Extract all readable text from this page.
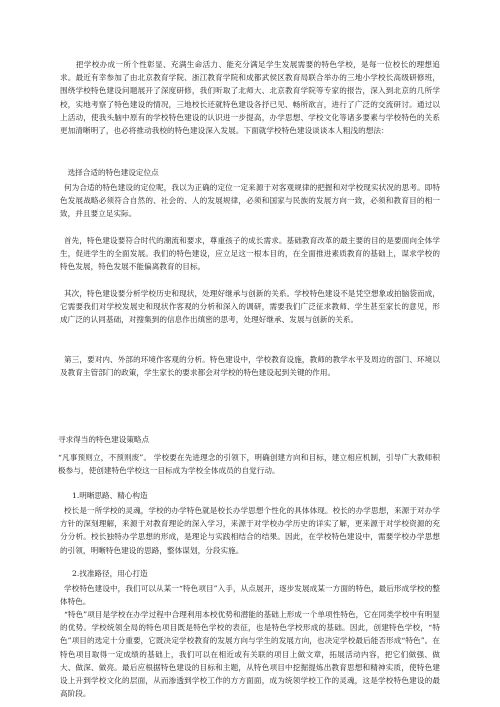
　　把学校办成一所个性彰显、充满生命活力、能充分满足学生发展需要的特色学校，是每一位校长的理想追求。最近有幸参加了由北京教育学院、浙江教育学院和成都武侯区教育局联合举办的三地小学校长高级研修班，围绕学校特色建设问题展开了深度研修，我们听取了北师大、北京教育学院等专家的报告，深入到北京的几所学校，实地考察了特色建设的情况，三地校长还就特色建设各抒已见、畅所欲言，进行了广泛的交流研讨。通过以上活动，使我头脑中原有的学校特色建设的认识进一步提高，办学思想、学校文化等诸多要素与学校特色的关系更加清晰明了，也必将推动我校的特色建设深入发展。下面就学校特色建设谈谈本人粗浅的想法：

　选择合适的特色建设定位点

何为合适的特色建设的定位呢，我以为正确的定位一定来源于对客观规律的把握和对学校现实状况的思考。即特色发展战略必须符合自然的、社会的、人的发展规律，必须和国家与民族的发展方向一致，必须和教育目的相一致，并且要立足实际。

首先，特色建设要符合时代的潮流和要求，尊重孩子的成长需求。基础教育改革的最主要的目的是要面向全体学生，促进学生的全面发展。我们的特色建设，应立足这一根本目的，在全面推进素质教育的基础上，谋求学校的特色发展，特色发展不能偏离教育的目标。

其次，特色建设要分析学校历史和现状，处理好继承与创新的关系。学校特色建设不是凭空想象或拍脑袋而成，它需要我们对学校发展史和现状作客观的分析和深入的调研，需要我们广泛征求教师、学生甚至家长的意见，形成广泛的认同基础，对搜集到的信息作出缜密的思考，处理好继承、发展与创新的关系。

第三，要对内、外部的环境作客观的分析。特色建设中，学校教育设施，教师的教学水平及周边的部门、环境以及教育主管部门的政策，学生家长的要求都会对学校的特色建设起到关键的作用。

寻求得当的特色建设策略点

“凡事预则立，不预则废”。 学校要在先进理念的引领下，明确创建方向和目标，建立相应机制，引导广大教师积极参与，使创建特色学校这一目标成为学校全体成员的自觉行动。

1.明晰思路、精心构造

校长是一所学校的灵魂，学校的办学特色就是校长办学思想个性化的具体体现。校长的办学思想，来源于对办学方针的深刻理解，来源于对教育理论的深入学习，来源于对学校办学历史的详实了解，更来源于对学校资源的充分分析。校长独特办学思想的形成，是理论与实践相结合的结果。因此，在学校特色建设中，需要学校办学思想的引领，明晰特色建设的思路，整体谋划，分段实施。

2.找准路径，用心打造

学校特色建设中，我们可以从某一“特色项目”入手，从点展开，逐步发展成某一方面的特色，最后形成学校的整体特色。

“特色”项目是学校在办学过程中合理利用本校优势和潜能的基础上形成一个单项性特色，它在同类学校中有明显的优势。学校统领全局的特色项目既是特色学校的表征，也是特色学校形成的基础。因此，创建特色学校，“特色”项目的选定十分重要，它既决定学校教育的发展方向与学生的发展方向，也决定学校最后能否形成“特色”。在特色项目取得一定成绩的基础上，我们可以在相近或有关联的项目上做文章，拓展活动内容，把它们做强、做大、做深、做亮。最后应根据特色建设的目标和主题，从特色项目中挖掘提炼出教育思想和精神实质，使特色建设上升到学校文化的层面，从而渗透到学校工作的方方面面，成为统领学校工作的灵魂，这是学校特色建设的最高阶段。
